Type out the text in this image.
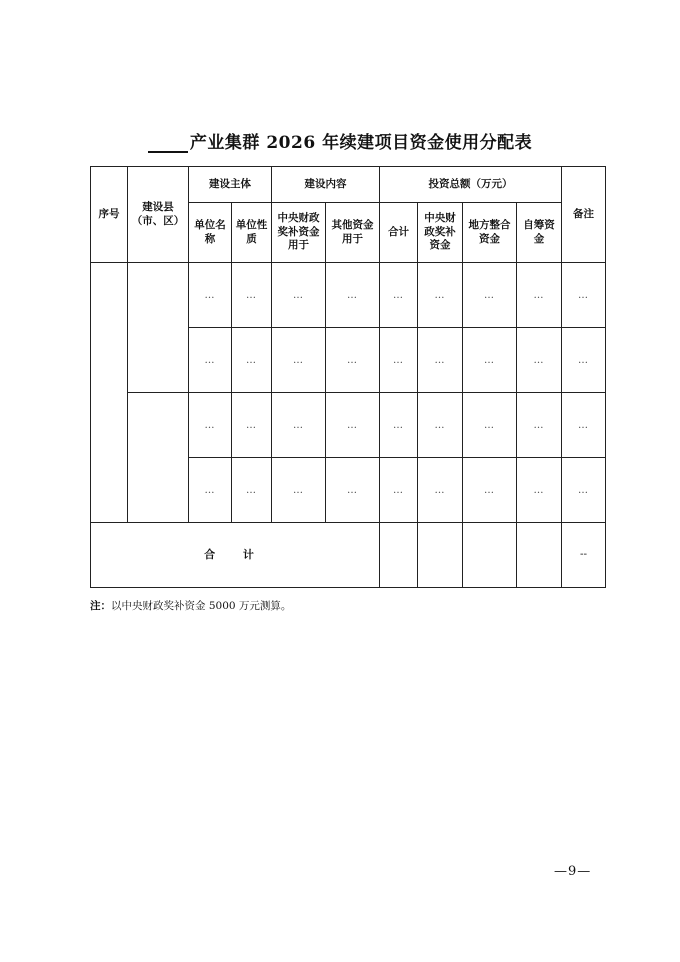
产业集群 2026 年续建项目资金使用分配表
序号	建设县（市、区）	建设主体		建设内容		投资总额（万元）				备注
		单位名称	单位性质	中央财政奖补资金用于	其他资金用于	合计	中央财政奖补资金	地方整合资金	自筹资金	
		…	…	…	…	…	…	…	…	…
		…	…	…	…	…	…	…	…	…
		…	…	…	…	…	…	…	…	…
		…	…	…	…	…	…	…	…	…
合 计										--
注：以中央财政奖补资金 5000 万元测算。
—9—
